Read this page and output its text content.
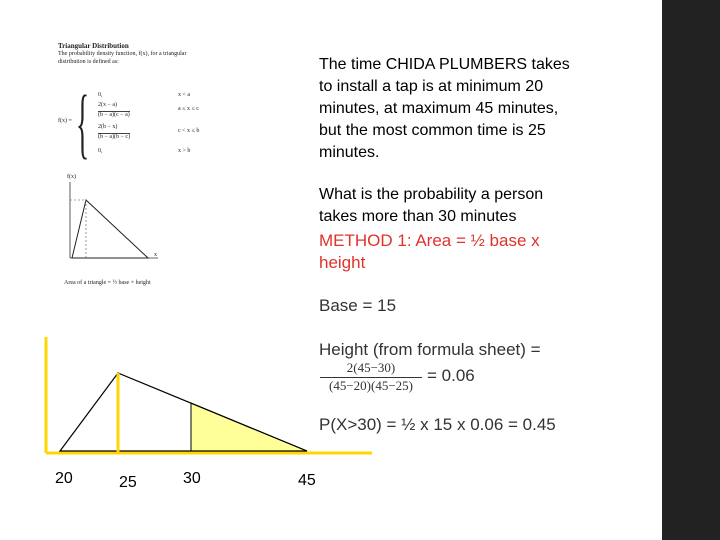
Triangular Distribution
The probability density function, f(x), for a triangular
distribution is defined as:
f(x) = { 0,	x < a
2(x − a)
(b − a)(c − a)
a ≤ x ≤ c
2(b − x)
(b − a)(b − c)
c < x ≤ b
0,	x > b
f(x)
x
Area of a triangle = ½ base × height
The time CHIDA PLUMBERS takes
to install a tap is at minimum 20
minutes, at maximum 45 minutes,
but the most common time is 25
minutes.
What is the probability a person
takes more than 30 minutes
METHOD 1: Area = ½ base x
height
Base = 15
Height (from formula sheet) =
$\frac{2(45-30)}{(45-20)(45-25)} = 0.06$
P(X>30) = ½ x 15 x 0.06 = 0.45
20	25	30	45
